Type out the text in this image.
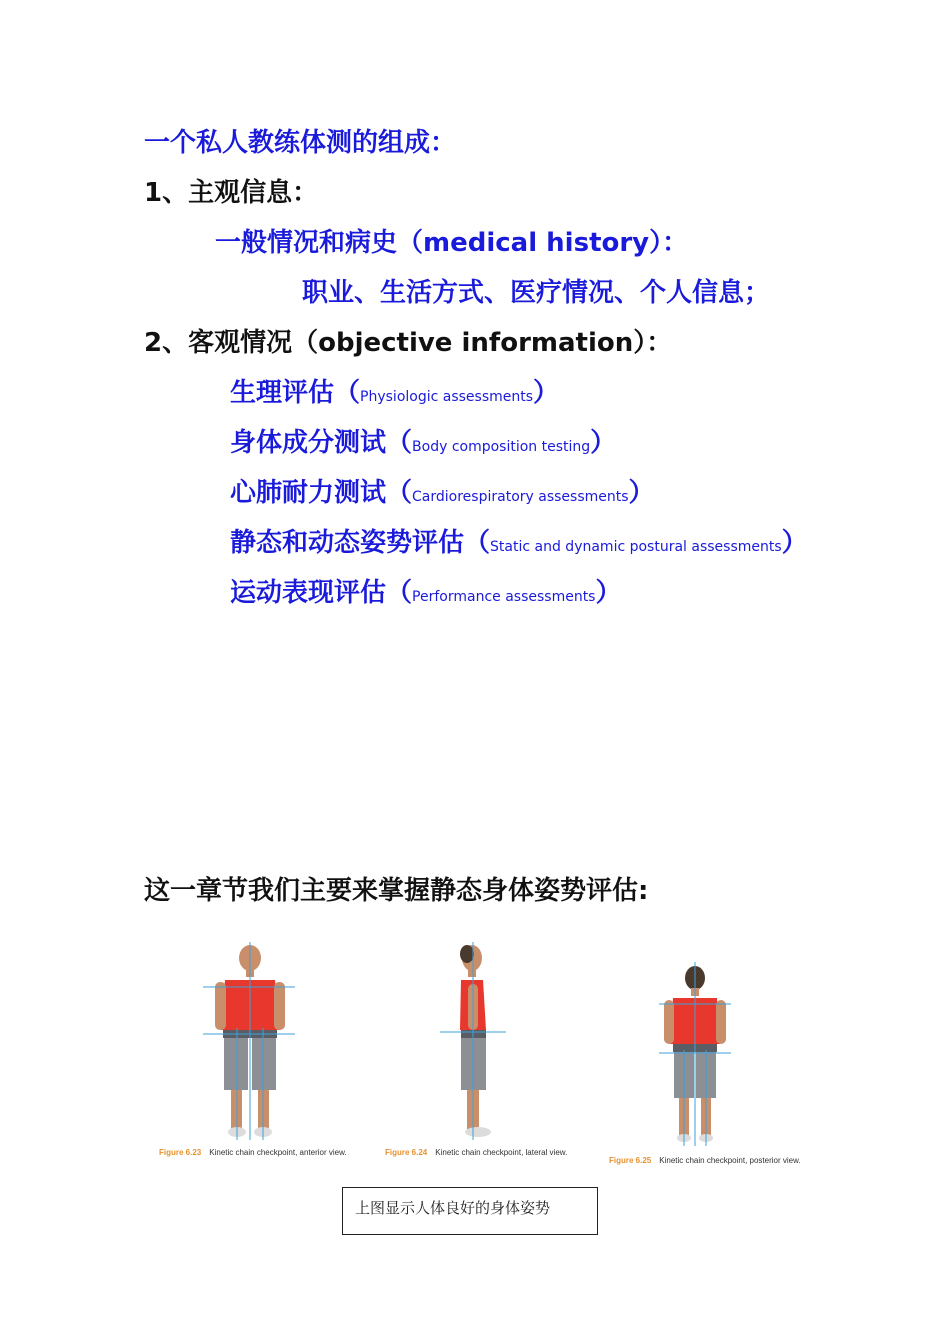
一个私人教练体测的组成：
1、主观信息：
一般情况和病史（medical history）：
职业、生活方式、医疗情况、个人信息；
2、客观情况（objective information）：
生理评估（Physiologic assessments）
身体成分测试（Body composition testing）
心肺耐力测试（Cardiorespiratory assessments）
静态和动态姿势评估（Static and dynamic postural assessments）
运动表现评估（Performance assessments）
这一章节我们主要来掌握静态身体姿势评估:
Figure 6.23 Kinetic chain checkpoint, anterior view.	Figure 6.24 Kinetic chain checkpoint, lateral view.
Figure 6.25 Kinetic chain checkpoint, posterior view.
上图显示人体良好的身体姿势
